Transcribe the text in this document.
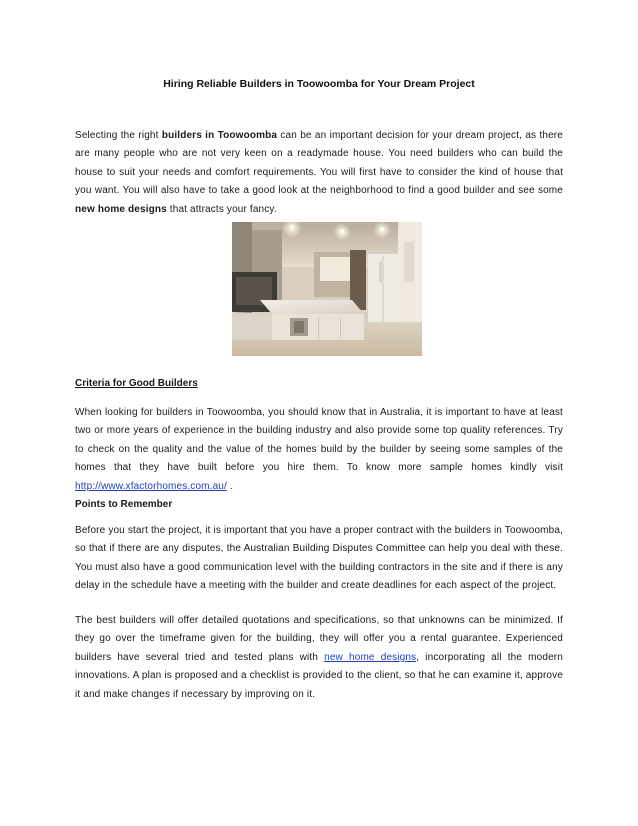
Hiring Reliable Builders in Toowoomba for Your Dream Project
Selecting the right builders in Toowoomba can be an important decision for your dream project, as there are many people who are not very keen on a readymade house. You need builders who can build the house to suit your needs and comfort requirements. You will first have to consider the kind of house that you want. You will also have to take a good look at the neighborhood to find a good builder and see some new home designs that attracts your fancy.
Criteria for Good Builders
When looking for builders in Toowoomba, you should know that in Australia, it is important to have at least two or more years of experience in the building industry and also provide some top quality references. Try to check on the quality and the value of the homes build by the builder by seeing some samples of the homes that they have built before you hire them. To know more sample homes kindly visit http://www.xfactorhomes.com.au/ .
Points to Remember
Before you start the project, it is important that you have a proper contract with the builders in Toowoomba, so that if there are any disputes, the Australian Building Disputes Committee can help you deal with these. You must also have a good communication level with the building contractors in the site and if there is any delay in the schedule have a meeting with the builder and create deadlines for each aspect of the project.
The best builders will offer detailed quotations and specifications, so that unknowns can be minimized. If they go over the timeframe given for the building, they will offer you a rental guarantee. Experienced builders have several tried and tested plans with new home designs, incorporating all the modern innovations. A plan is proposed and a checklist is provided to the client, so that he can examine it, approve it and make changes if necessary by improving on it.
